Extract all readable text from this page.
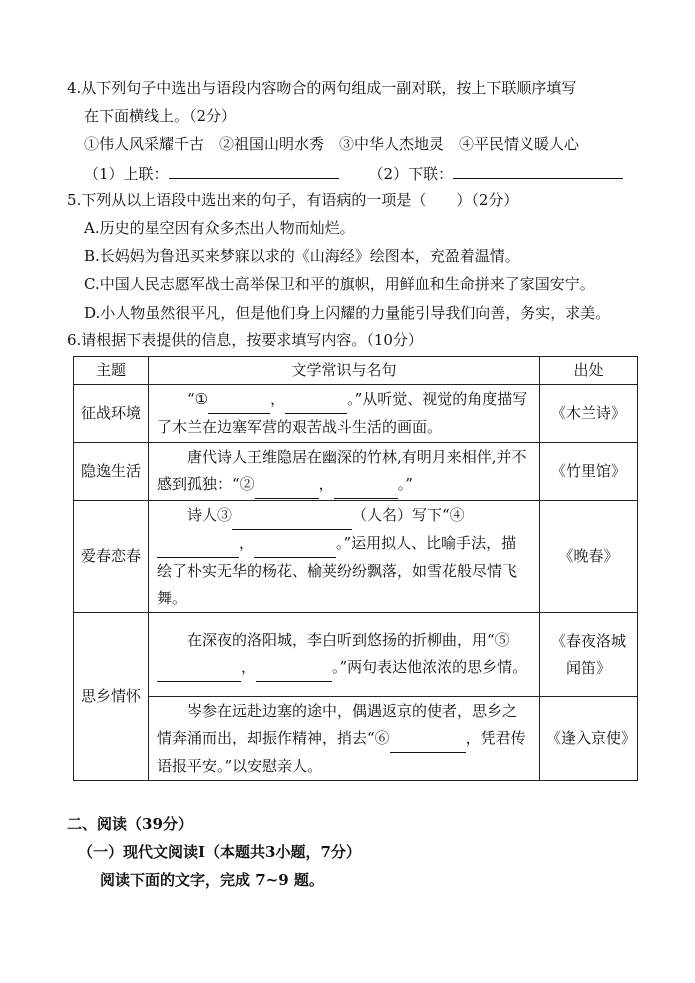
4.从下列句子中选出与语段内容吻合的两句组成一副对联，按上下联顺序填写
在下面横线上。（2分）
①伟人风采耀千古　②祖国山明水秀　③中华人杰地灵　④平民情义暖人心
（1）上联：	（2）下联：
5.下列从以上语段中选出来的句子，有语病的一项是（　　）（2分）
A.历史的星空因有众多杰出人物而灿烂。
B.长妈妈为鲁迅买来梦寐以求的《山海经》绘图本，充盈着温情。
C.中国人民志愿军战士高举保卫和平的旗帜，用鲜血和生命拼来了家国安宁。
D.小人物虽然很平凡，但是他们身上闪耀的力量能引导我们向善，务实，求美。
6.请根据下表提供的信息，按要求填写内容。（10分）
主题	文学常识与名句	出处
征战环境	“① ， 。”从听觉、视觉的角度描写了木兰在边塞军营的艰苦战斗生活的画面。	《木兰诗》
隐逸生活	唐代诗人王维隐居在幽深的竹林,有明月来相伴,并不感到孤独：“② ， 。”	《竹里馆》
爱春恋春	诗人③ （人名）写下“④ ， 。”运用拟人、比喻手法，描绘了朴实无华的杨花、榆荚纷纷飘落，如雪花般尽情飞舞。	《晚春》
思乡情怀	在深夜的洛阳城，李白听到悠扬的折柳曲，用“⑤ ， 。”两句表达他浓浓的思乡情。	《春夜洛城闻笛》
	岑参在远赴边塞的途中，偶遇返京的使者，思乡之情奔涌而出，却振作精神，捎去“⑥ ，凭君传语报平安。”以安慰亲人。	《逢入京使》
二、阅读（39分）
（一）现代文阅读Ⅰ（本题共3小题，7分）
阅读下面的文字，完成 7~9 题。
